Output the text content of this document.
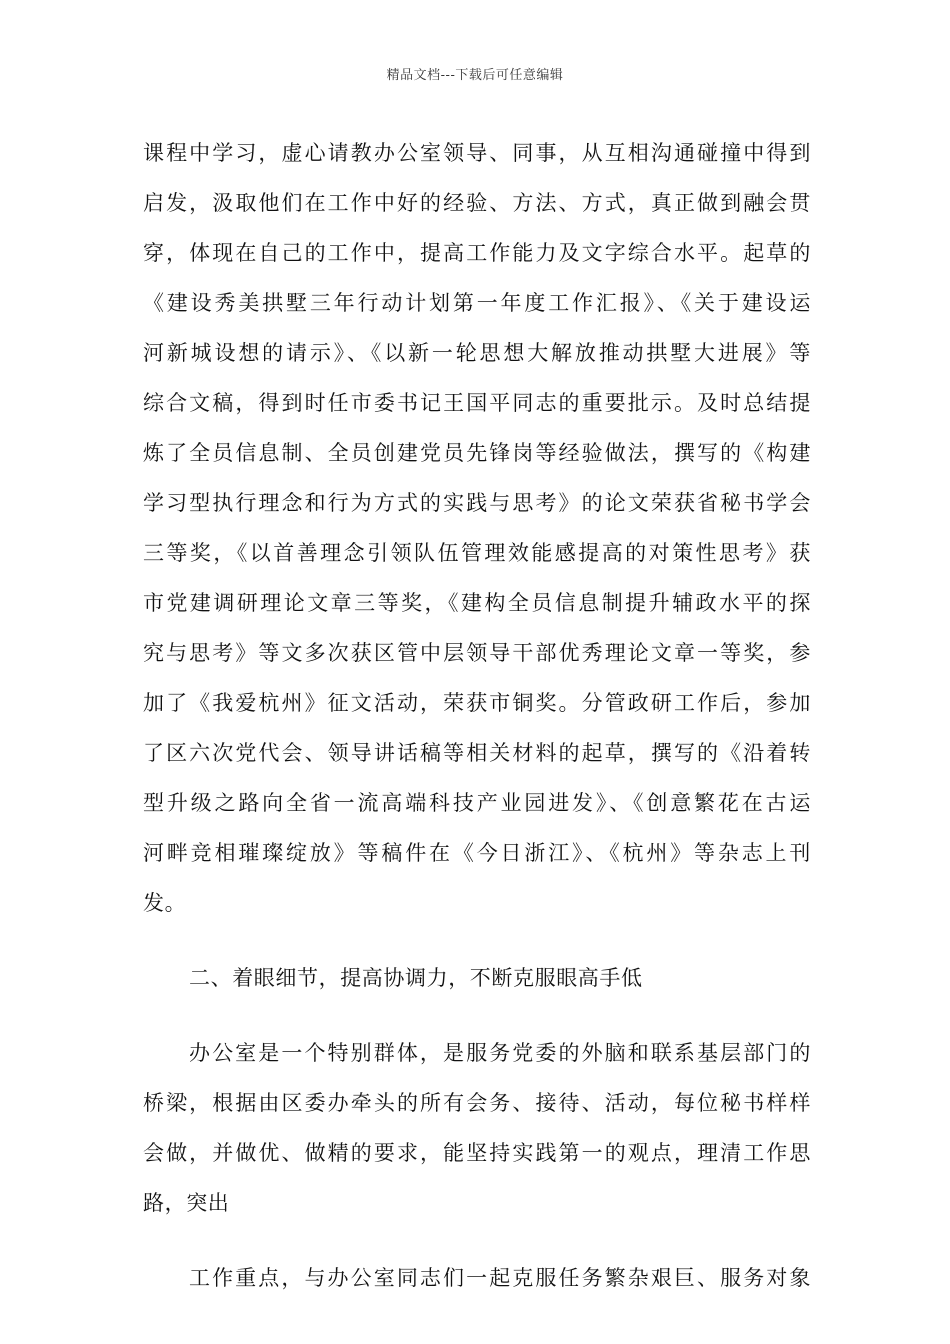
精品文档---下载后可任意编辑
课程中学习，虚心请教办公室领导、同事，从互相沟通碰撞中得到
启发，汲取他们在工作中好的经验、方法、方式，真正做到融会贯
穿，体现在自己的工作中，提高工作能力及文字综合水平。起草的
《建设秀美拱墅三年行动计划第一年度工作汇报》、《关于建设运
河新城设想的请示》、《以新一轮思想大解放推动拱墅大进展》等
综合文稿，得到时任市委书记王国平同志的重要批示。及时总结提
炼了全员信息制、全员创建党员先锋岗等经验做法，撰写的《构建
学习型执行理念和行为方式的实践与思考》的论文荣获省秘书学会
三等奖，《以首善理念引领队伍管理效能感提高的对策性思考》获
市党建调研理论文章三等奖，《建构全员信息制提升辅政水平的探
究与思考》等文多次获区管中层领导干部优秀理论文章一等奖，参
加了《我爱杭州》征文活动，荣获市铜奖。分管政研工作后，参加
了区六次党代会、领导讲话稿等相关材料的起草，撰写的《沿着转
型升级之路向全省一流高端科技产业园进发》、《创意繁花在古运
河畔竞相璀璨绽放》等稿件在《今日浙江》、《杭州》等杂志上刊
发。
二、着眼细节，提高协调力，不断克服眼高手低
办公室是一个特别群体，是服务党委的外脑和联系基层部门的
桥梁，根据由区委办牵头的所有会务、接待、活动，每位秘书样样
会做，并做优、做精的要求，能坚持实践第一的观点，理清工作思
路，突出
工作重点，与办公室同志们一起克服任务繁杂艰巨、服务对象
